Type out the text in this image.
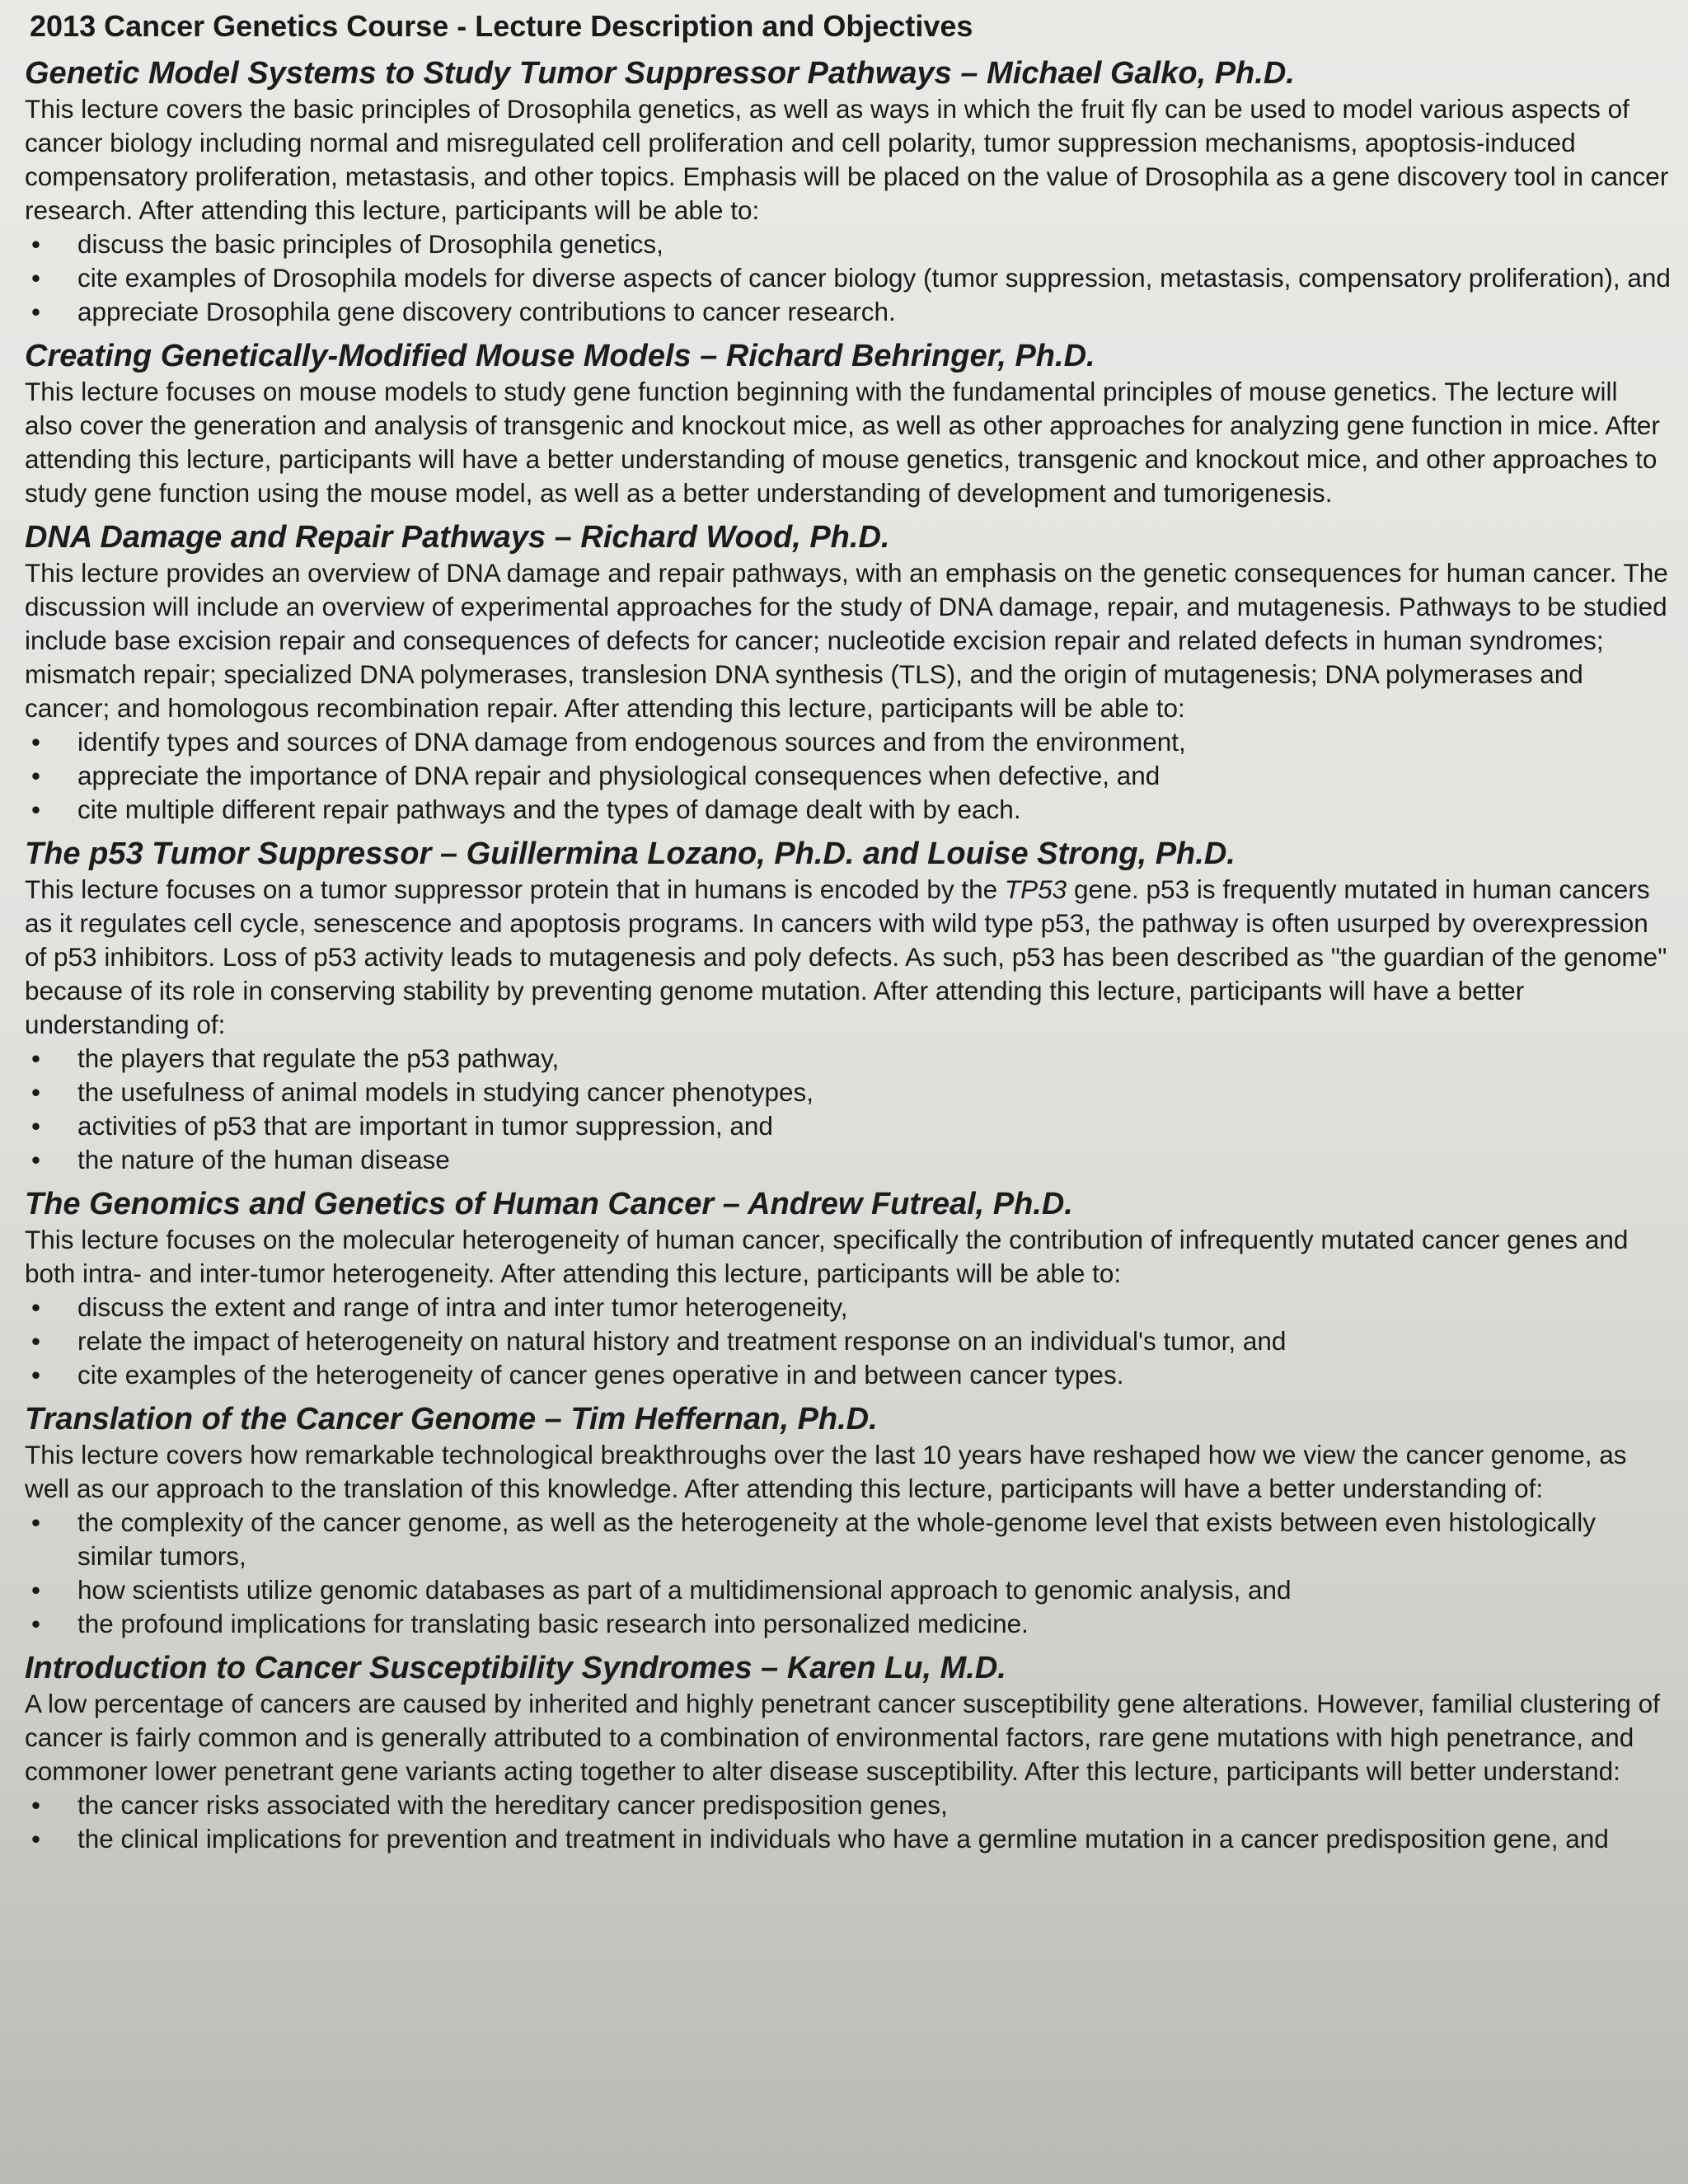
2013 Cancer Genetics Course - Lecture Description and Objectives
Genetic Model Systems to Study Tumor Suppressor Pathways – Michael Galko, Ph.D.

This lecture covers the basic principles of Drosophila genetics, as well as ways in which the fruit fly can be used to model various aspects of cancer biology including normal and misregulated cell proliferation and cell polarity, tumor suppression mechanisms, apoptosis-induced compensatory proliferation, metastasis, and other topics. Emphasis will be placed on the value of Drosophila as a gene discovery tool in cancer research. After attending this lecture, participants will be able to:

• discuss the basic principles of Drosophila genetics,
• cite examples of Drosophila models for diverse aspects of cancer biology (tumor suppression, metastasis, compensatory proliferation), and
• appreciate Drosophila gene discovery contributions to cancer research.
Creating Genetically-Modified Mouse Models – Richard Behringer, Ph.D.

This lecture focuses on mouse models to study gene function beginning with the fundamental principles of mouse genetics. The lecture will also cover the generation and analysis of transgenic and knockout mice, as well as other approaches for analyzing gene function in mice. After attending this lecture, participants will have a better understanding of mouse genetics, transgenic and knockout mice, and other approaches to study gene function using the mouse model, as well as a better understanding of development and tumorigenesis.

DNA Damage and Repair Pathways – Richard Wood, Ph.D.

This lecture provides an overview of DNA damage and repair pathways, with an emphasis on the genetic consequences for human cancer. The discussion will include an overview of experimental approaches for the study of DNA damage, repair, and mutagenesis. Pathways to be studied include base excision repair and consequences of defects for cancer; nucleotide excision repair and related defects in human syndromes; mismatch repair; specialized DNA polymerases, translesion DNA synthesis (TLS), and the origin of mutagenesis; DNA polymerases and cancer; and homologous recombination repair. After attending this lecture, participants will be able to:

• identify types and sources of DNA damage from endogenous sources and from the environment,
• appreciate the importance of DNA repair and physiological consequences when defective, and
• cite multiple different repair pathways and the types of damage dealt with by each.
The p53 Tumor Suppressor – Guillermina Lozano, Ph.D. and Louise Strong, Ph.D.

This lecture focuses on a tumor suppressor protein that in humans is encoded by the TP53 gene. p53 is frequently mutated in human cancers as it regulates cell cycle, senescence and apoptosis programs. In cancers with wild type p53, the pathway is often usurped by overexpression of p53 inhibitors. Loss of p53 activity leads to mutagenesis and poly defects. As such, p53 has been described as "the guardian of the genome" because of its role in conserving stability by preventing genome mutation. After attending this lecture, participants will have a better understanding of:

• the players that regulate the p53 pathway,
• the usefulness of animal models in studying cancer phenotypes,
• activities of p53 that are important in tumor suppression, and
• the nature of the human disease
The Genomics and Genetics of Human Cancer – Andrew Futreal, Ph.D.

This lecture focuses on the molecular heterogeneity of human cancer, specifically the contribution of infrequently mutated cancer genes and both intra- and inter-tumor heterogeneity. After attending this lecture, participants will be able to:

• discuss the extent and range of intra and inter tumor heterogeneity,
• relate the impact of heterogeneity on natural history and treatment response on an individual's tumor, and
• cite examples of the heterogeneity of cancer genes operative in and between cancer types.
Translation of the Cancer Genome – Tim Heffernan, Ph.D.

This lecture covers how remarkable technological breakthroughs over the last 10 years have reshaped how we view the cancer genome, as well as our approach to the translation of this knowledge. After attending this lecture, participants will have a better understanding of:

• the complexity of the cancer genome, as well as the heterogeneity at the whole-genome level that exists between even histologically similar tumors,
• how scientists utilize genomic databases as part of a multidimensional approach to genomic analysis, and
• the profound implications for translating basic research into personalized medicine.
Introduction to Cancer Susceptibility Syndromes – Karen Lu, M.D.

A low percentage of cancers are caused by inherited and highly penetrant cancer susceptibility gene alterations. However, familial clustering of cancer is fairly common and is generally attributed to a combination of environmental factors, rare gene mutations with high penetrance, and commoner lower penetrant gene variants acting together to alter disease susceptibility. After this lecture, participants will better understand:

• the cancer risks associated with the hereditary cancer predisposition genes,
• the clinical implications for prevention and treatment in individuals who have a germline mutation in a cancer predisposition gene, and
